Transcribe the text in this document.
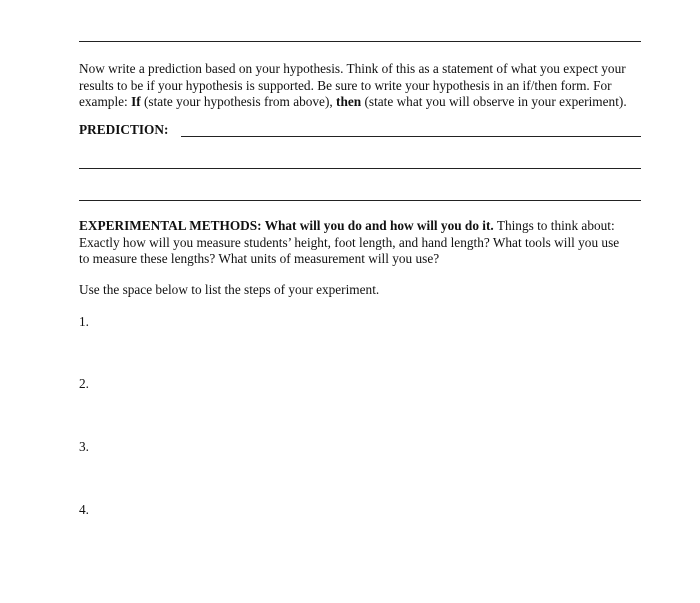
Now write a prediction based on your hypothesis. Think of this as a statement of what you expect your
results to be if your hypothesis is supported. Be sure to write your hypothesis in an if/then form. For
example: If (state your hypothesis from above), then (state what you will observe in your experiment).
PREDICTION:
EXPERIMENTAL METHODS: What will you do and how will you do it. Things to think about:
Exactly how will you measure students’ height, foot length, and hand length? What tools will you use
to measure these lengths? What units of measurement will you use?
Use the space below to list the steps of your experiment.
1.
2.
3.
4.
